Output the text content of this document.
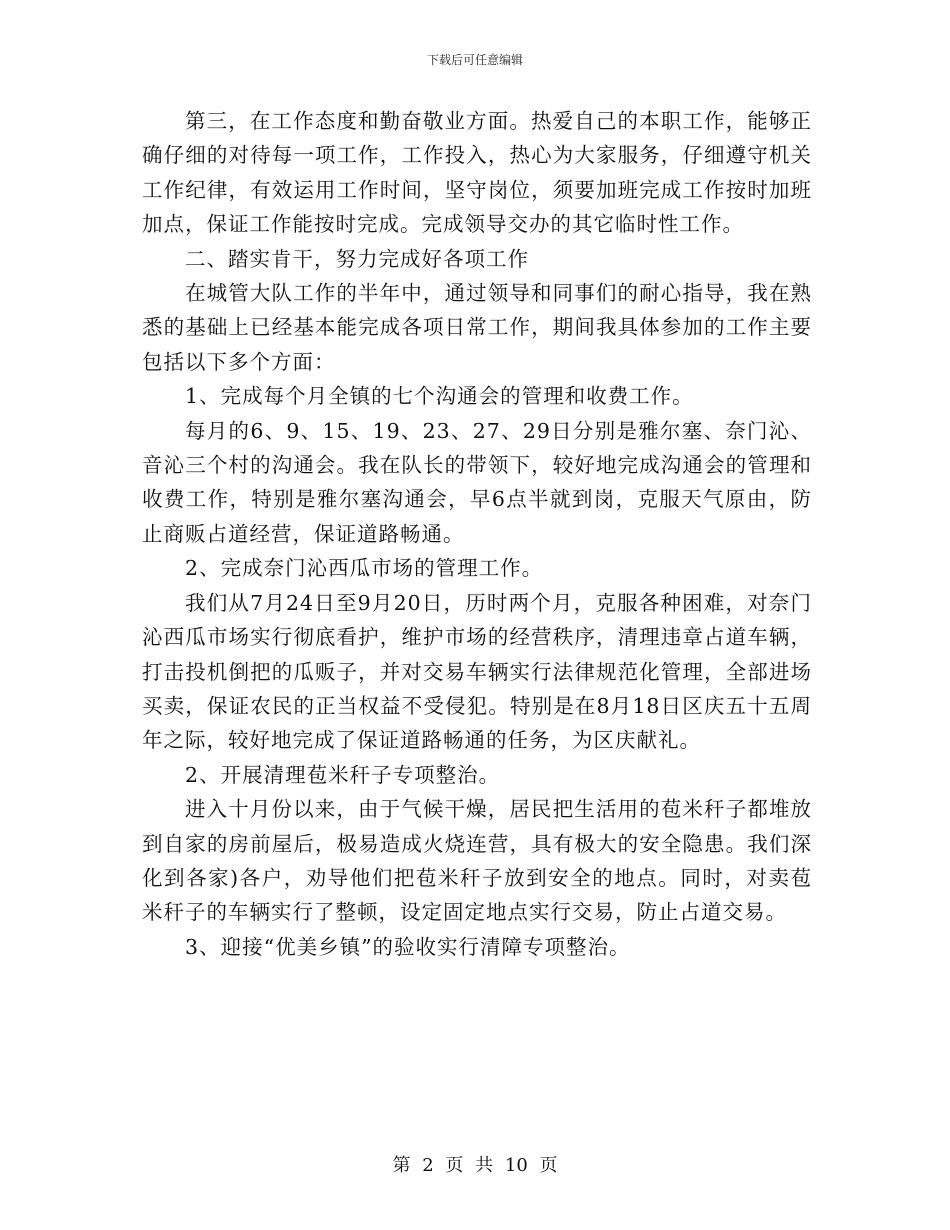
下载后可任意编辑

第三，在工作态度和勤奋敬业方面。热爱自己的本职工作，能够正确仔细的对待每一项工作，工作投入，热心为大家服务，仔细遵守机关工作纪律，有效运用工作时间，坚守岗位，须要加班完成工作按时加班加点，保证工作能按时完成。完成领导交办的其它临时性工作。

二、踏实肯干，努力完成好各项工作

在城管大队工作的半年中，通过领导和同事们的耐心指导，我在熟悉的基础上已经基本能完成各项日常工作，期间我具体参加的工作主要包括以下多个方面：

1、完成每个月全镇的七个沟通会的管理和收费工作。

每月的6、9、15、19、23、27、29日分别是雅尔塞、奈门沁、音沁三个村的沟通会。我在队长的带领下，较好地完成沟通会的管理和收费工作，特别是雅尔塞沟通会，早6点半就到岗，克服天气原由，防止商贩占道经营，保证道路畅通。

2、完成奈门沁西瓜市场的管理工作。

我们从7月24日至9月20日，历时两个月，克服各种困难，对奈门沁西瓜市场实行彻底看护，维护市场的经营秩序，清理违章占道车辆，打击投机倒把的瓜贩子，并对交易车辆实行法律规范化管理，全部进场买卖，保证农民的正当权益不受侵犯。特别是在8月18日区庆五十五周年之际，较好地完成了保证道路畅通的任务，为区庆献礼。

2、开展清理苞米秆子专项整治。

进入十月份以来，由于气候干燥，居民把生活用的苞米秆子都堆放到自家的房前屋后，极易造成火烧连营，具有极大的安全隐患。我们深化到各家)各户，劝导他们把苞米秆子放到安全的地点。同时，对卖苞米秆子的车辆实行了整顿，设定固定地点实行交易，防止占道交易。

3、迎接“优美乡镇”的验收实行清障专项整治。

第 2 页 共 10 页
